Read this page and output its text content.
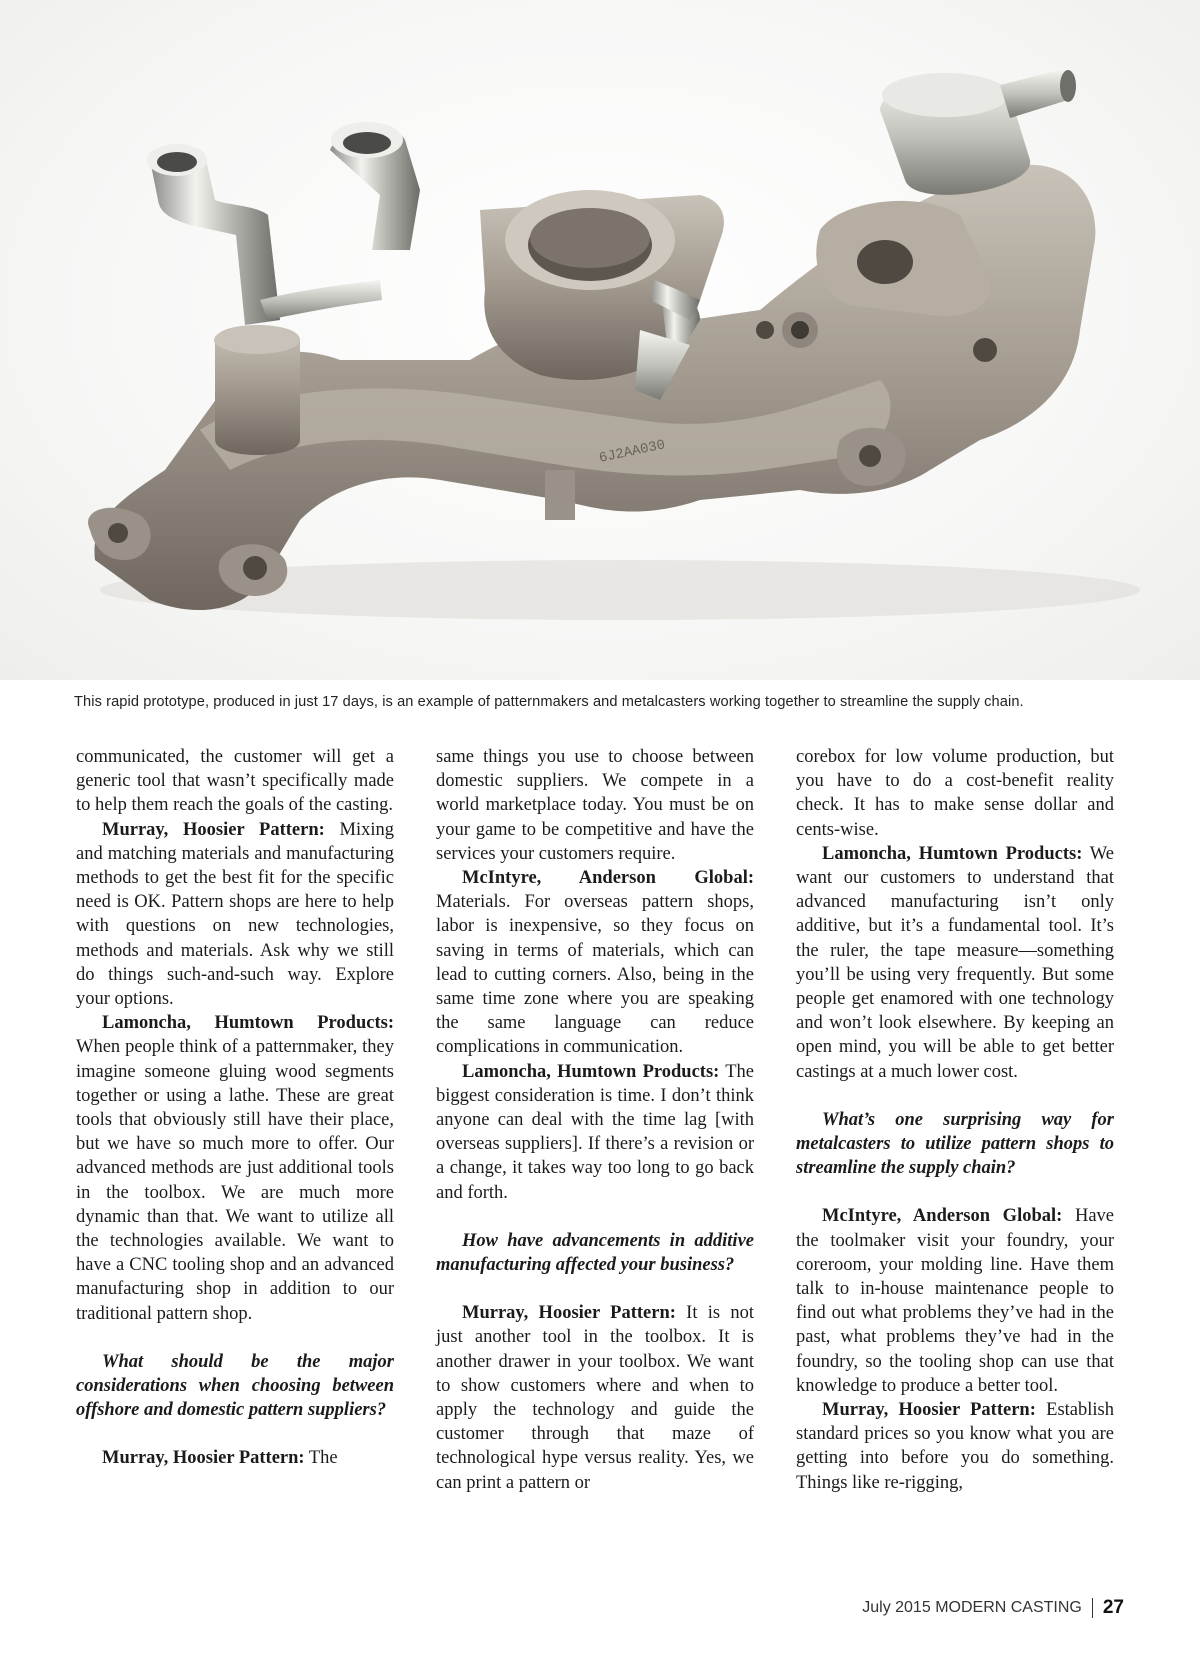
6J2AA030
This rapid prototype, produced in just 17 days, is an example of patternmakers and metalcasters working together to streamline the supply chain.

communicated, the customer will get a generic tool that wasn’t specifically made to help them reach the goals of the casting.

Murray, Hoosier Pattern: Mixing and matching materials and manufacturing methods to get the best fit for the specific need is OK. Pattern shops are here to help with questions on new technologies, methods and materials. Ask why we still do things such-and-such way. Explore your options.

Lamoncha, Humtown Products: When people think of a patternmaker, they imagine someone gluing wood segments together or using a lathe. These are great tools that obviously still have their place, but we have so much more to offer. Our advanced methods are just additional tools in the toolbox. We are much more dynamic than that. We want to utilize all the technologies available. We want to have a CNC tooling shop and an advanced manufacturing shop in addition to our traditional pattern shop.

What should be the major considerations when choosing between offshore and domestic pattern suppliers?

Murray, Hoosier Pattern: The

same things you use to choose between domestic suppliers. We compete in a world marketplace today. You must be on your game to be competitive and have the services your customers require.

McIntyre, Anderson Global: Materials. For overseas pattern shops, labor is inexpensive, so they focus on saving in terms of materials, which can lead to cutting corners. Also, being in the same time zone where you are speaking the same language can reduce complications in communication.

Lamoncha, Humtown Products: The biggest consideration is time. I don’t think anyone can deal with the time lag [with overseas suppliers]. If there’s a revision or a change, it takes way too long to go back and forth.

How have advancements in additive manufacturing affected your business?

Murray, Hoosier Pattern: It is not just another tool in the toolbox. It is another drawer in your toolbox. We want to show customers where and when to apply the technology and guide the customer through that maze of technological hype versus reality. Yes, we can print a pattern or

corebox for low volume production, but you have to do a cost-benefit reality check. It has to make sense dollar and cents-wise.

Lamoncha, Humtown Products: We want our customers to understand that advanced manufacturing isn’t only additive, but it’s a fundamental tool. It’s the ruler, the tape measure—something you’ll be using very frequently. But some people get enamored with one technology and won’t look elsewhere. By keeping an open mind, you will be able to get better castings at a much lower cost.

What’s one surprising way for metalcasters to utilize pattern shops to streamline the supply chain?

McIntyre, Anderson Global: Have the toolmaker visit your foundry, your coreroom, your molding line. Have them talk to in-house maintenance people to find out what problems they’ve had in the past, what problems they’ve had in the foundry, so the tooling shop can use that knowledge to produce a better tool.

Murray, Hoosier Pattern: Establish standard prices so you know what you are getting into before you do something. Things like re-rigging,

July 2015
MODERN CASTING 27
